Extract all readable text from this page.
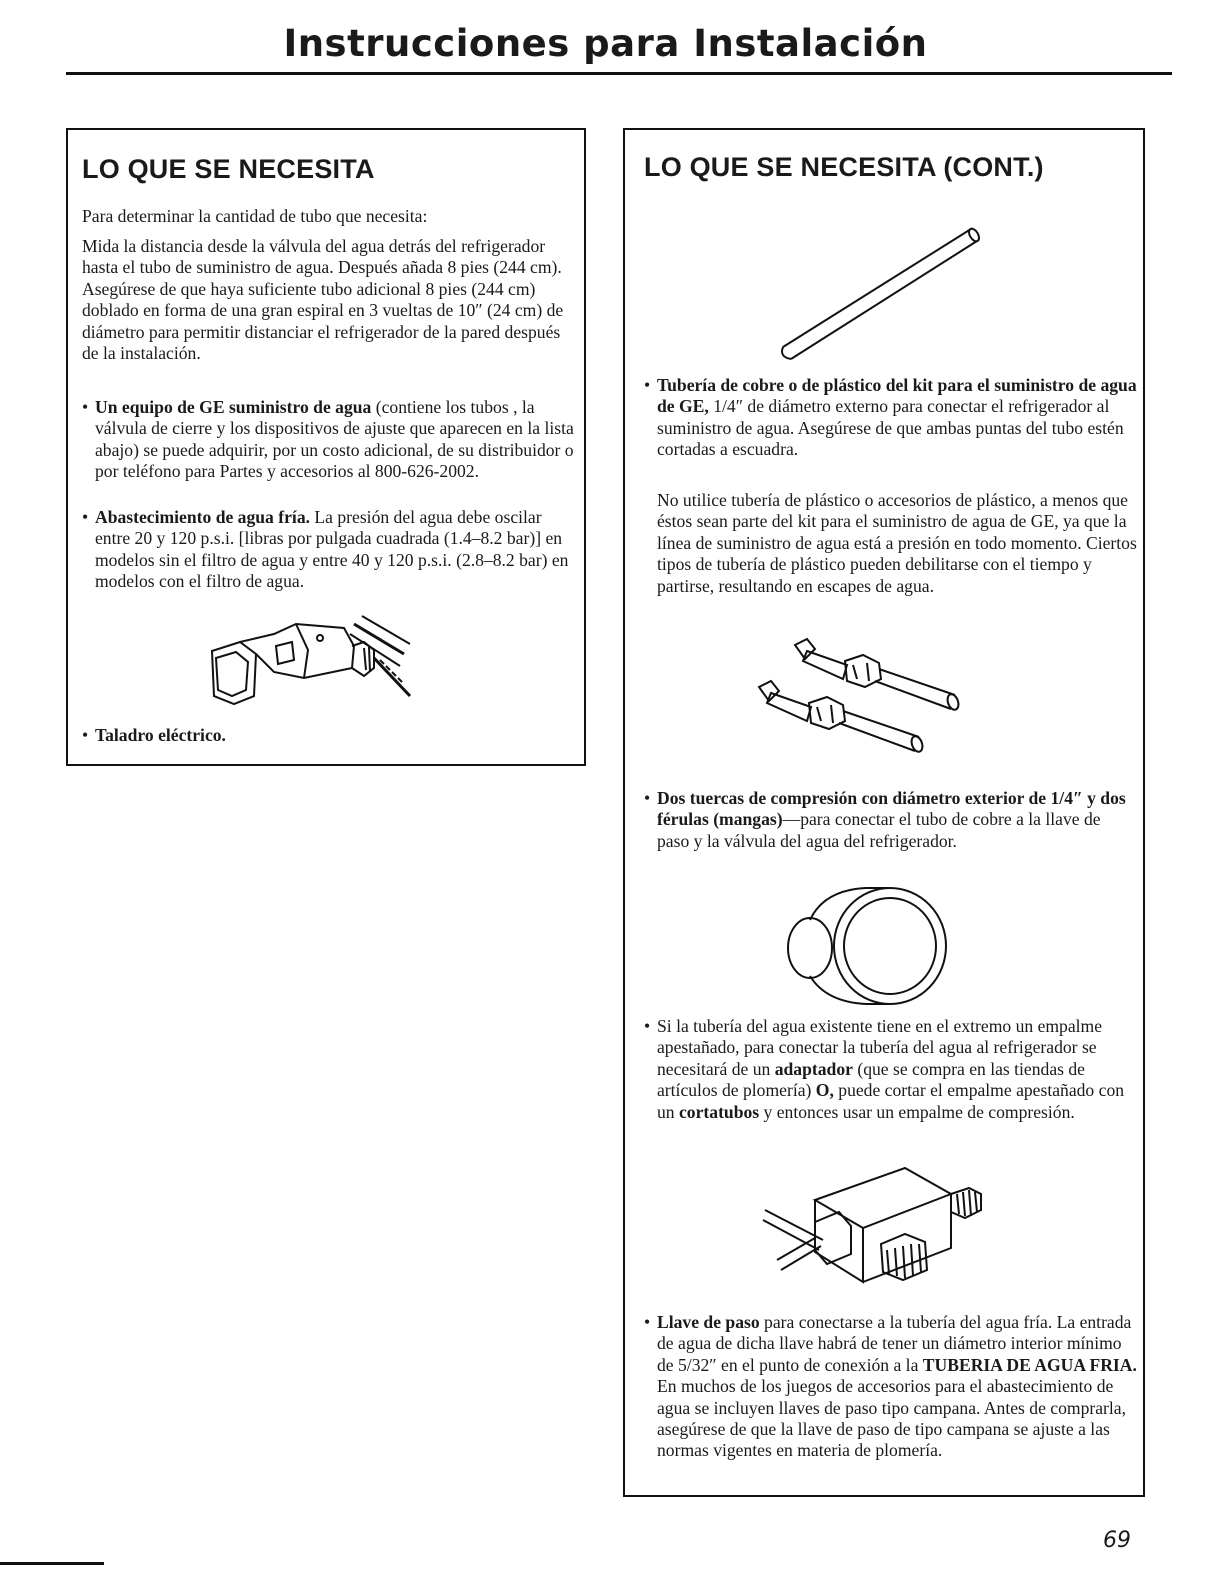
Instrucciones para Instalación
LO QUE SE NECESITA

Para determinar la cantidad de tubo que necesita:

Mida la distancia desde la válvula del agua detrás del refrigerador hasta el tubo de suministro de agua. Después añada 8 pies (244 cm). Asegúrese de que haya suficiente tubo adicional 8 pies (244 cm) doblado en forma de una gran espiral en 3 vueltas de 10″ (24 cm) de diámetro para permitir distanciar el refrigerador de la pared después de la instalación.

• Un equipo de GE suministro de agua (contiene los tubos , la válvula de cierre y los dispositivos de ajuste que aparecen en la lista abajo) se puede adquirir, por un costo adicional, de su distribuidor o por teléfono para Partes y accesorios al 800-626-2002.

• Abastecimiento de agua fría. La presión del agua debe oscilar entre 20 y 120 p.s.i. [libras por pulgada cuadrada (1.4–8.2 bar)] en modelos sin el filtro de agua y entre 40 y 120 p.s.i. (2.8–8.2 bar) en modelos con el filtro de agua.

• Taladro eléctrico.

LO QUE SE NECESITA (CONT.)

• Tubería de cobre o de plástico del kit para el suministro de agua de GE, 1/4″ de diámetro externo para conectar el refrigerador al suministro de agua. Asegúrese de que ambas puntas del tubo estén cortadas a escuadra.

No utilice tubería de plástico o accesorios de plástico, a menos que éstos sean parte del kit para el suministro de agua de GE, ya que la línea de suministro de agua está a presión en todo momento. Ciertos tipos de tubería de plástico pueden debilitarse con el tiempo y partirse, resultando en escapes de agua.

• Dos tuercas de compresión con diámetro exterior de 1/4″ y dos férulas (mangas)—para conectar el tubo de cobre a la llave de paso y la válvula del agua del refrigerador.

• Si la tubería del agua existente tiene en el extremo un empalme apestañado, para conectar la tubería del agua al refrigerador se necesitará de un adaptador (que se compra en las tiendas de artículos de plomería) O, puede cortar el empalme apestañado con un cortatubos y entonces usar un empalme de compresión.

• Llave de paso para conectarse a la tubería del agua fría. La entrada de agua de dicha llave habrá de tener un diámetro interior mínimo de 5/32″ en el punto de conexión a la TUBERIA DE AGUA FRIA. En muchos de los juegos de accesorios para el abastecimiento de agua se incluyen llaves de paso tipo campana. Antes de comprarla, asegúrese de que la llave de paso de tipo campana se ajuste a las normas vigentes en materia de plomería.

69
